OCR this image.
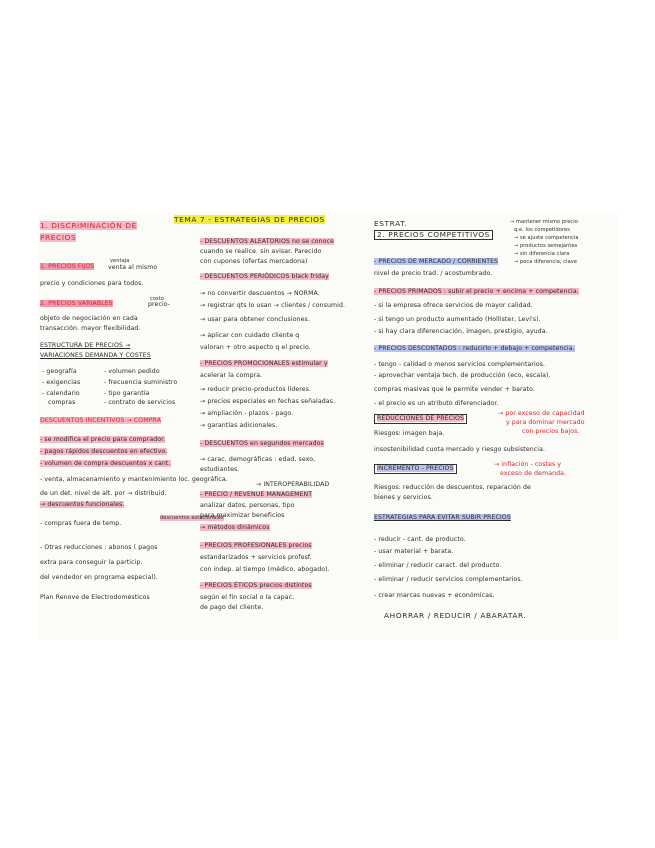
1. DISCRIMINACIÓN DE
PRECIOS
1. PRECIOS FIJOS
ventaja
venta al mismo
precio y condiciones para todos.
2. PRECIOS VARIABLES
costo
precio-
objeto de negociación en cada
transacción. mayor flexibilidad.
ESTRUCTURA DE PRECIOS →
VARIACIONES DEMANDA Y COSTES
- geografía
- exigencias
- calendario
compras
- volumen pedido
- frecuencia suministro
- tipo garantía
- contrato de servicios
DESCUENTOS INCENTIVOS → COMPRA
- se modifica el precio para comprador.
- pagos rápidos descuentos en efectivo.
- volumen de compra descuentos x cant.
- venta, almacenamiento y mantenimiento loc. geográfica.
de un det. nivel de alt. por → distribuid.
→ descuentos funcionales.
- compras fuera de temp.
descuentos estacionales
- Otras reducciones : abonos ( pagos
extra para conseguir la particip.
del vendedor en programa especial).
Plan Renove de Electrodomésticos
TEMA 7 - ESTRATEGIAS DE PRECIOS
- DESCUENTOS ALEATORIOS no se conoce
cuando se realice. sin avisar. Parecido
con cupones (ofertas mercadona)
- DESCUENTOS PERIÓDICOS black friday
→ no convertir descuentos → NORMA.
→ registrar qts lo usan → clientes / consumid.
→ usar para obtener conclusiones.
→ aplicar con cuidado cliente q
valoran + otro aspecto q el precio.
- PRECIOS PROMOCIONALES estimular y
acelerar la compra.
→ reducir precio-productos líderes.
→ precios especiales en fechas señaladas.
→ ampliación - plazos - pago.
→ garantías adicionales.
- DESCUENTOS en segundos mercados
→ carac. demográficas : edad, sexo,
estudiantes.
→ INTEROPERABILIDAD
- PRECIO / REVENUE MANAGEMENT
analizar datos, personas, tipo
para maximizar beneficios
→ métodos dinámicos
- PRECIOS PROFESIONALES precios
estandarizados + servicios profesf.
con indep. al tiempo (médico, abogado).
- PRECIOS ÉTICOS precios distintos
según el fin social o la capac.
de pago del cliente.
ESTRAT.
2. PRECIOS COMPETITIVOS
→ mantener mismo precio
q.e. los competidores
→ se ajuste competencia
→ productos semejantes
→ sin diferencia clara
→ poca diferencia, clave
- PRECIOS DE MERCADO / CORRIENTES
nivel de precio trad. / acostumbrado.
- PRECIOS PRIMADOS : subir el precio + encima + competencia.
- si la empresa ofrece servicios de mayor calidad.
- si tengo un producto aumentado (Hollister, Levi's).
- si hay clara diferenciación, imagen, prestigio, ayuda.
- PRECIOS DESCONTADOS : reducirlo + debajo + competencia.
- tengo - calidad o menos servicios complementarios.
- aprovechar ventaja tech. de producción (eco, escala).
compras masivas que le permite vender + barato.
- el precio es un atributo diferenciador.
REDUCCIONES DE PRECIOS
→ por exceso de capacidad
y para dominar mercado
con precios bajos.
Riesgos: imagen baja.
insostenibilidad cuota mercado y riesgo subsistencia.
INCREMENTO - PRECIOS
→ inflación - costes y
exceso de demanda.
Riesgos: reducción de descuentos, reparación de
bienes y servicios.
ESTRATEGIAS PARA EVITAR SUBIR PRECIOS
- reducir - cant. de producto.
- usar material + barata.
- eliminar / reducir caract. del producto.
- eliminar / reducir servicios complementarios.
- crear marcas nuevas + económicas.
AHORRAR / REDUCIR / ABARATAR.
